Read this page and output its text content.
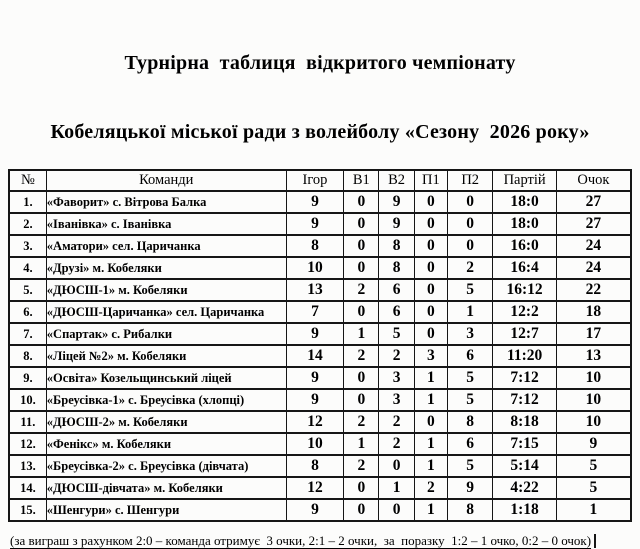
Турнірна  таблиця  відкритого чемпіонату

Кобеляцької міської ради з волейболу «Сезону  2026 року»

№	Команди	Ігор	В1	В2	П1	П2	Партій	Очок
1.	«Фаворит» с. Вітрова Балка	9	0	9	0	0	18:0	27
2.	«Іванівка» с. Іванівка	9	0	9	0	0	18:0	27
3.	«Аматори» сел. Царичанка	8	0	8	0	0	16:0	24
4.	«Друзі» м. Кобеляки	10	0	8	0	2	16:4	24
5.	«ДЮСШ-1» м. Кобеляки	13	2	6	0	5	16:12	22
6.	«ДЮСШ-Царичанка» сел. Царичанка	7	0	6	0	1	12:2	18
7.	«Спартак» с. Рибалки	9	1	5	0	3	12:7	17
8.	«Ліцей №2» м. Кобеляки	14	2	2	3	6	11:20	13
9.	«Освіта» Козельщинський ліцей	9	0	3	1	5	7:12	10
10.	«Бреусівка-1» с. Бреусівка (хлопці)	9	0	3	1	5	7:12	10
11.	«ДЮСШ-2» м. Кобеляки	12	2	2	0	8	8:18	10
12.	«Фенікс» м. Кобеляки	10	1	2	1	6	7:15	9
13.	«Бреусівка-2» с. Бреусівка (дівчата)	8	2	0	1	5	5:14	5
14.	«ДЮСШ-дівчата» м. Кобеляки	12	0	1	2	9	4:22	5
15.	«Шенгури» с. Шенгури	9	0	0	1	8	1:18	1

(за виграш з рахунком 2:0 – команда отримує  3 очки, 2:1 – 2 очки,  за  поразку  1:2 – 1 очко, 0:2 – 0 очок)
